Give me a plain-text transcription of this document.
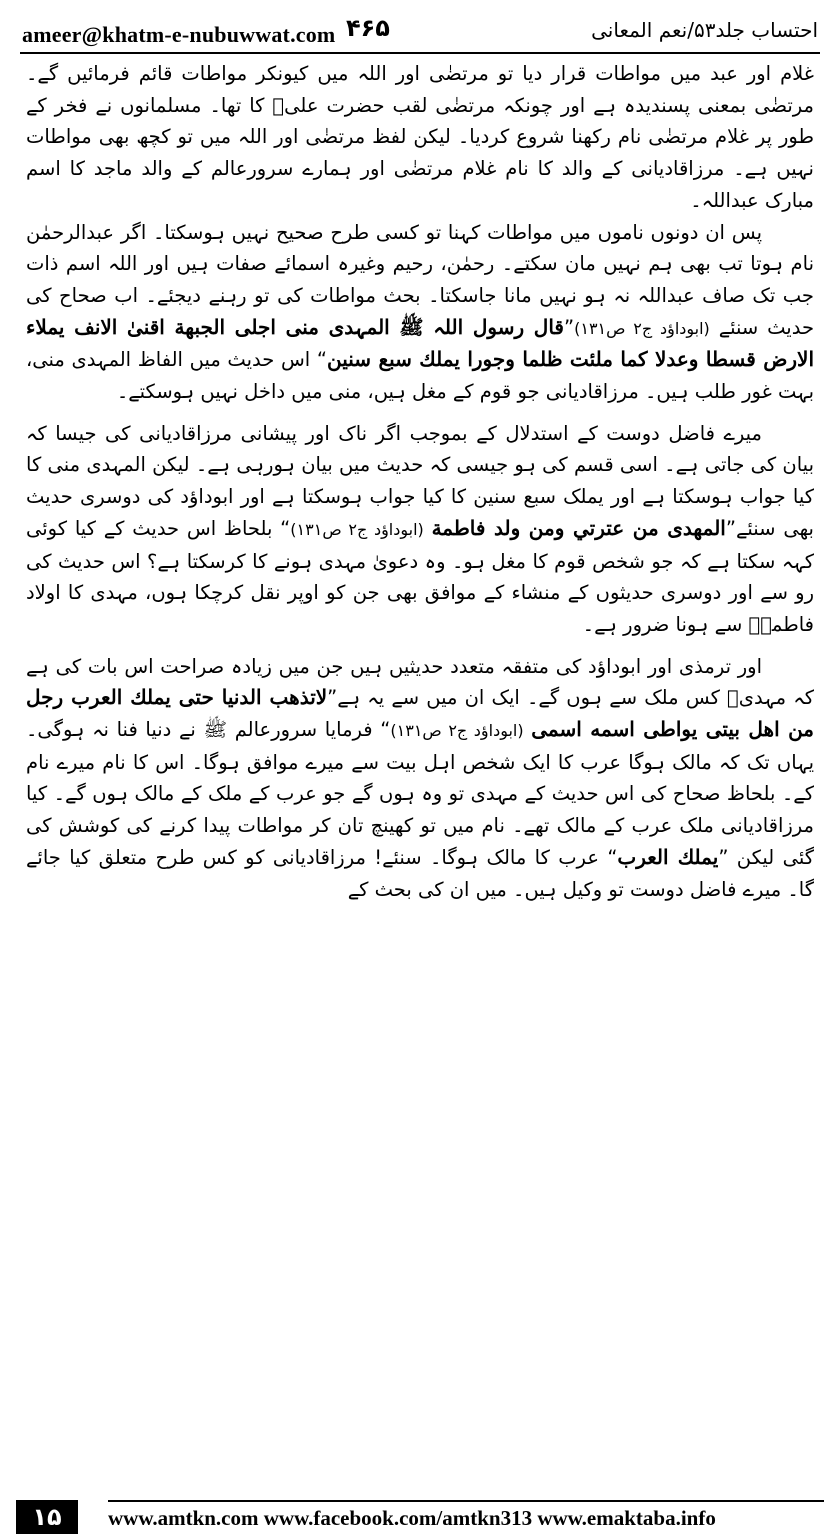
ameer@khatm-e-nubuwwat.com ۴۶۵	احتساب جلد۵۳/نعم المعانی

غلام اور عبد میں مواطات قرار دیا تو مرتضٰی اور اللہ میں کیونکر مواطات قائم فرمائیں گے۔ مرتضٰی بمعنی پسندیدہ ہے اور چونکہ مرتضٰی لقب حضرت علیؓ کا تھا۔ مسلمانوں نے فخر کے طور پر غلام مرتضٰی نام رکھنا شروع کردیا۔ لیکن لفظ مرتضٰی اور اللہ میں تو کچھ بھی مواطات نہیں ہے۔ مرزاقادیانی کے والد کا نام غلام مرتضٰی اور ہمارے سرورعالم کے والد ماجد کا اسم مبارک عبداللہ۔

پس ان دونوں ناموں میں مواطات کہنا تو کسی طرح صحیح نہیں ہوسکتا۔ اگر عبدالرحمٰن نام ہوتا تب بھی ہم نہیں مان سکتے۔ رحمٰن، رحیم وغیرہ اسمائے صفات ہیں اور اللہ اسم ذات جب تک صاف عبداللہ نہ ہو نہیں مانا جاسکتا۔ بحث مواطات کی تو رہنے دیجئے۔ اب صحاح کی حدیث سنئے (ابوداؤد ج۲ ص۱۳۱)”قال رسول اللہ ﷺ المہدی منی اجلی الجبهة اقنیٰ الانف یملاء الارض قسطا وعدلا کما ملئت ظلما وجورا یملك سبع سنین“ اس حدیث میں الفاظ المہدی منی، بہت غور طلب ہیں۔ مرزاقادیانی جو قوم کے مغل ہیں، منی میں داخل نہیں ہوسکتے۔

میرے فاضل دوست کے استدلال کے بموجب اگر ناک اور پیشانی مرزاقادیانی کی جیسا کہ بیان کی جاتی ہے۔ اسی قسم کی ہو جیسی کہ حدیث میں بیان ہورہی ہے۔ لیکن المہدی منی کا کیا جواب ہوسکتا ہے اور یملک سبع سنین کا کیا جواب ہوسکتا ہے اور ابوداؤد کی دوسری حدیث بھی سنئے”المهدی من عترتي ومن ولد فاطمة (ابوداؤد ج۲ ص۱۳۱)“ بلحاظ اس حدیث کے کیا کوئی کہہ سکتا ہے کہ جو شخص قوم کا مغل ہو۔ وہ دعویٰ مہدی ہونے کا کرسکتا ہے؟ اس حدیث کی رو سے اور دوسری حدیثوں کے منشاء کے موافق بھی جن کو اوپر نقل کرچکا ہوں، مہدی کا اولاد فاطمہؓ سے ہونا ضرور ہے۔

اور ترمذی اور ابوداؤد کی متفقہ متعدد حدیثیں ہیں جن میں زیادہ صراحت اس بات کی ہے کہ مہدیؑ کس ملک سے ہوں گے۔ ایک ان میں سے یہ ہے”لاتذهب الدنیا حتی یملك العرب رجل من اهل بیتی یواطی اسمه اسمی (ابوداؤد ج۲ ص۱۳۱)“ فرمایا سرورعالم ﷺ نے دنیا فنا نہ ہوگی۔ یہاں تک کہ مالک ہوگا عرب کا ایک شخص اہل بیت سے میرے موافق ہوگا۔ اس کا نام میرے نام کے۔ بلحاظ صحاح کی اس حدیث کے مہدی تو وہ ہوں گے جو عرب کے ملک کے مالک ہوں گے۔ کیا مرزاقادیانی ملک عرب کے مالک تھے۔ نام میں تو کھینچ تان کر مواطات پیدا کرنے کی کوشش کی گئی لیکن ”یملك العرب“ عرب کا مالک ہوگا۔ سنئے! مرزاقادیانی کو کس طرح متعلق کیا جائے گا۔ میرے فاضل دوست تو وکیل ہیں۔ میں ان کی بحث کے

۱۵	www.amtkn.com www.facebook.com/amtkn313 www.emaktaba.info
